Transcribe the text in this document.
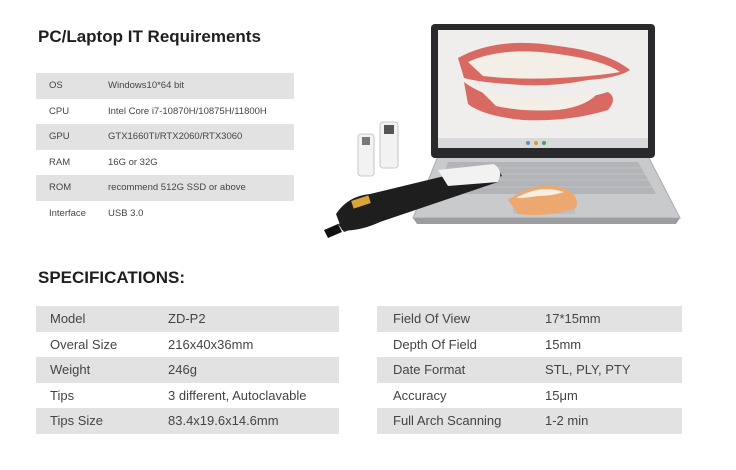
PC/Laptop IT Requirements
OS	Windows10*64 bit
CPU	Intel Core i7-10870H/10875H/11800H
GPU	GTX1660TI/RTX2060/RTX3060
RAM	16G or 32G
ROM	recommend 512G SSD or above
Interface	USB 3.0
SPECIFICATIONS:
Model	ZD-P2
Overal Size	216x40x36mm
Weight	246g
Tips	3 different, Autoclavable
Tips Size	83.4x19.6x14.6mm
Field Of View	17*15mm
Depth Of Field	15mm
Date Format	STL, PLY, PTY
Accuracy	15μm
Full Arch Scanning	1-2 min
